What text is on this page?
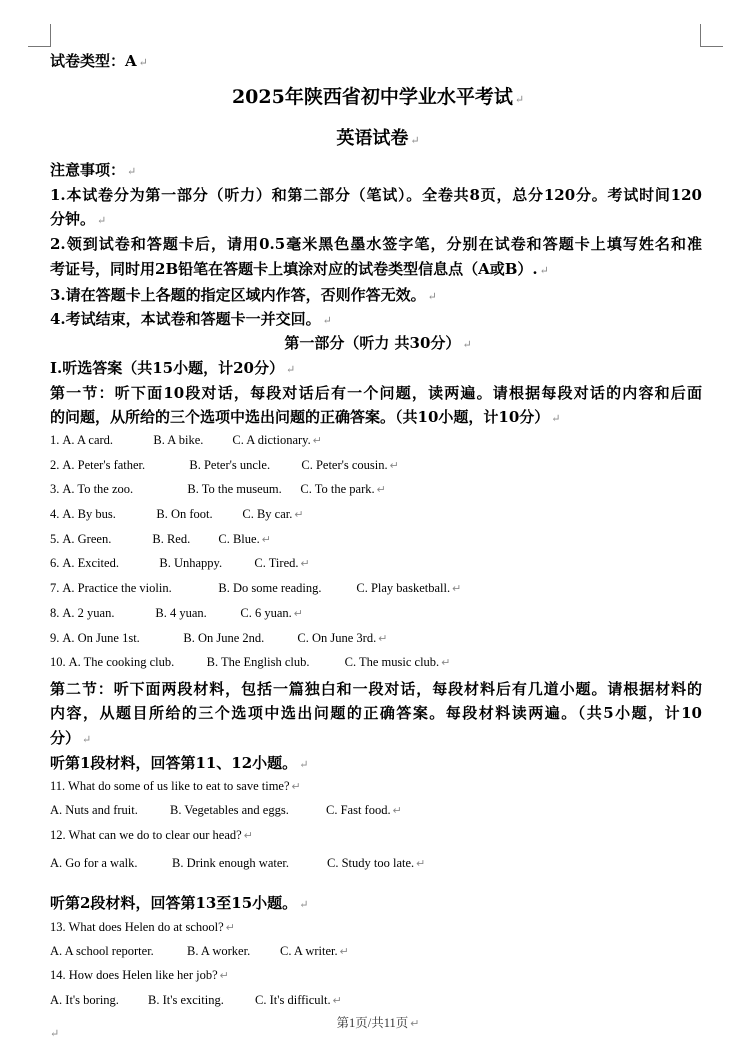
试卷类型：A ↵
2025年陕西省初中学业水平考试 ↵
英语试卷 ↵
注意事项： ↵
1.本试卷分为第一部分（听力）和第二部分（笔试）。全卷共8页，总分120分。考试时间120
分钟。 ↵
2.领到试卷和答题卡后，请用0.5毫米黑色墨水签字笔，分别在试卷和答题卡上填写姓名和准
考证号，同时用2B铅笔在答题卡上填涂对应的试卷类型信息点（A或B）. ↵
3.请在答题卡上各题的指定区域内作答，否则作答无效。 ↵
4.考试结束，本试卷和答题卡一并交回。 ↵
第一部分（听力 共30分） ↵
Ⅰ.听选答案（共15小题，计20分） ↵
第一节：听下面10段对话，每段对话后有一个问题，读两遍。请根据每段对话的内容和后面
的问题，从所给的三个选项中选出问题的正确答案。（共10小题，计10分） ↵
1. A. A card.	B. A bike. C. A dictionary. ↵
2. A. Peter's father.	B. Peter's uncle.	C. Peter's cousin. ↵
3. A. To the zoo.	B. To the museum. C. To the park. ↵
4. A. By bus.	B. On foot. C. By car. ↵
5. A. Green.	B. Red. C. Blue. ↵
6. A. Excited.	B. Unhappy.	C. Tired. ↵
7. A. Practice the violin.	B. Do some reading.	C. Play basketball. ↵
8. A. 2 yuan.	B. 4 yuan.	C. 6 yuan. ↵
9. A. On June 1st.	B. On June 2nd.	C. On June 3rd. ↵
10. A. The cooking club.	B. The English club.	C. The music club. ↵
第二节：听下面两段材料，包括一篇独白和一段对话，每段材料后有几道小题。请根据材料的
内容，从题目所给的三个选项中选出问题的正确答案。每段材料读两遍。（共5小题，计10
分） ↵
听第1段材料，回答第11、12小题。 ↵
11. What do some of us like to eat to save time? ↵
A. Nuts and fruit.	B. Vegetables and eggs.	C. Fast food. ↵
12. What can we do to clear our head? ↵
A. Go for a walk.	B. Drink enough water.	C. Study too late. ↵
听第2段材料，回答第13至15小题。 ↵
13. What does Helen do at school? ↵
A. A school reporter.	B. A worker. C. A writer. ↵
14. How does Helen like her job? ↵
A. It's boring. B. It's exciting. C. It's difficult. ↵
第1页/共11页 ↵
↵
